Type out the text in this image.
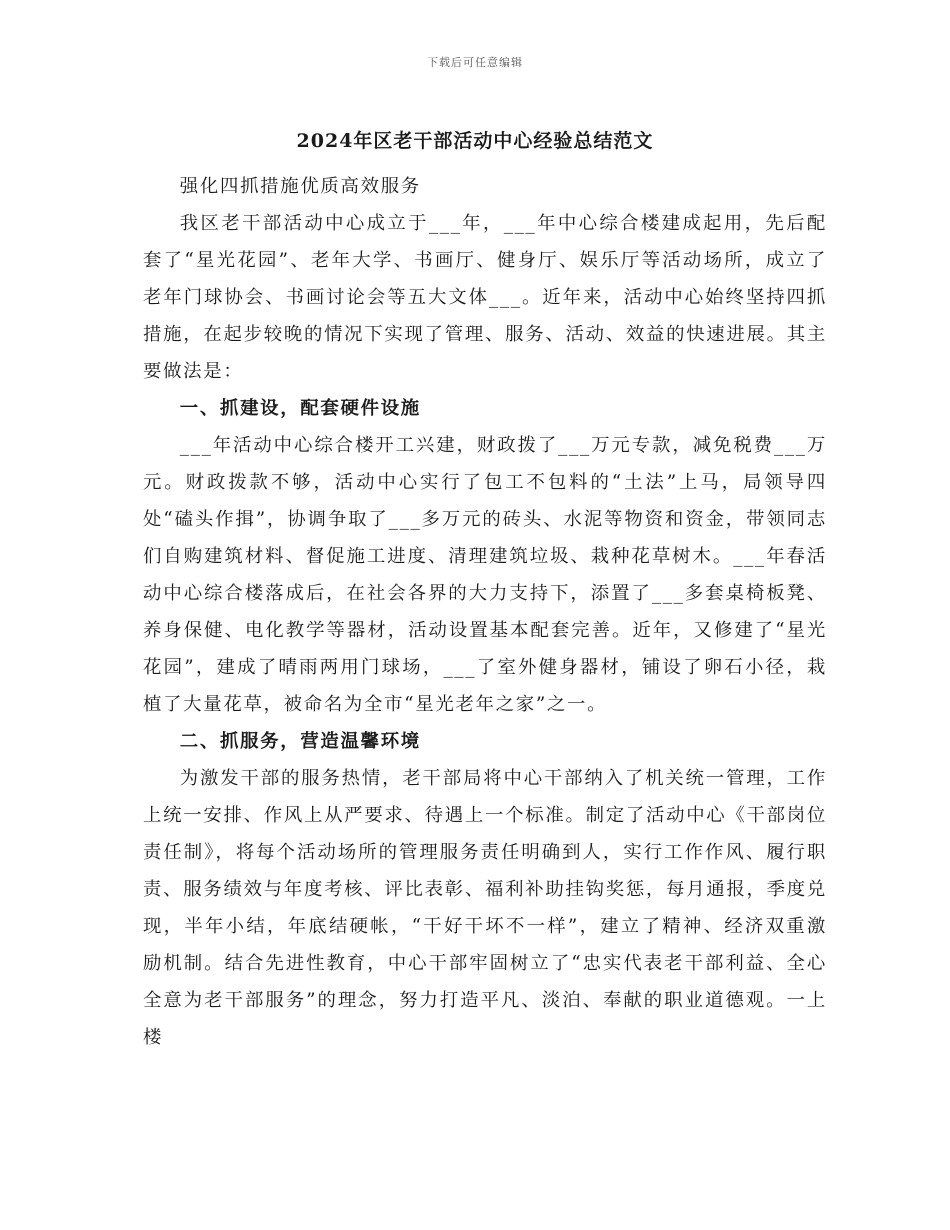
下载后可任意编辑
2024年区老干部活动中心经验总结范文

强化四抓措施优质高效服务

我区老干部活动中心成立于___年，___年中心综合楼建成起用，先后配套了“星光花园”、老年大学、书画厅、健身厅、娱乐厅等活动场所，成立了老年门球协会、书画讨论会等五大文体___。近年来，活动中心始终坚持四抓措施，在起步较晚的情况下实现了管理、服务、活动、效益的快速进展。其主要做法是：

一、抓建设，配套硬件设施

___年活动中心综合楼开工兴建，财政拨了___万元专款，减免税费___万元。财政拨款不够，活动中心实行了包工不包料的“土法”上马，局领导四处“磕头作揖”，协调争取了___多万元的砖头、水泥等物资和资金，带领同志们自购建筑材料、督促施工进度、清理建筑垃圾、栽种花草树木。___年春活动中心综合楼落成后，在社会各界的大力支持下，添置了___多套桌椅板凳、养身保健、电化教学等器材，活动设置基本配套完善。近年，又修建了“星光花园”，建成了晴雨两用门球场，___了室外健身器材，铺设了卵石小径，栽植了大量花草，被命名为全市“星光老年之家”之一。

二、抓服务，营造温馨环境

为激发干部的服务热情，老干部局将中心干部纳入了机关统一管理，工作上统一安排、作风上从严要求、待遇上一个标准。制定了活动中心《干部岗位责任制》，将每个活动场所的管理服务责任明确到人，实行工作作风、履行职责、服务绩效与年度考核、评比表彰、福利补助挂钩奖惩，每月通报，季度兑现，半年小结，年底结硬帐，“干好干坏不一样”，建立了精神、经济双重激励机制。结合先进性教育，中心干部牢固树立了“忠实代表老干部利益、全心全意为老干部服务”的理念，努力打造平凡、淡泊、奉献的职业道德观。一上楼
